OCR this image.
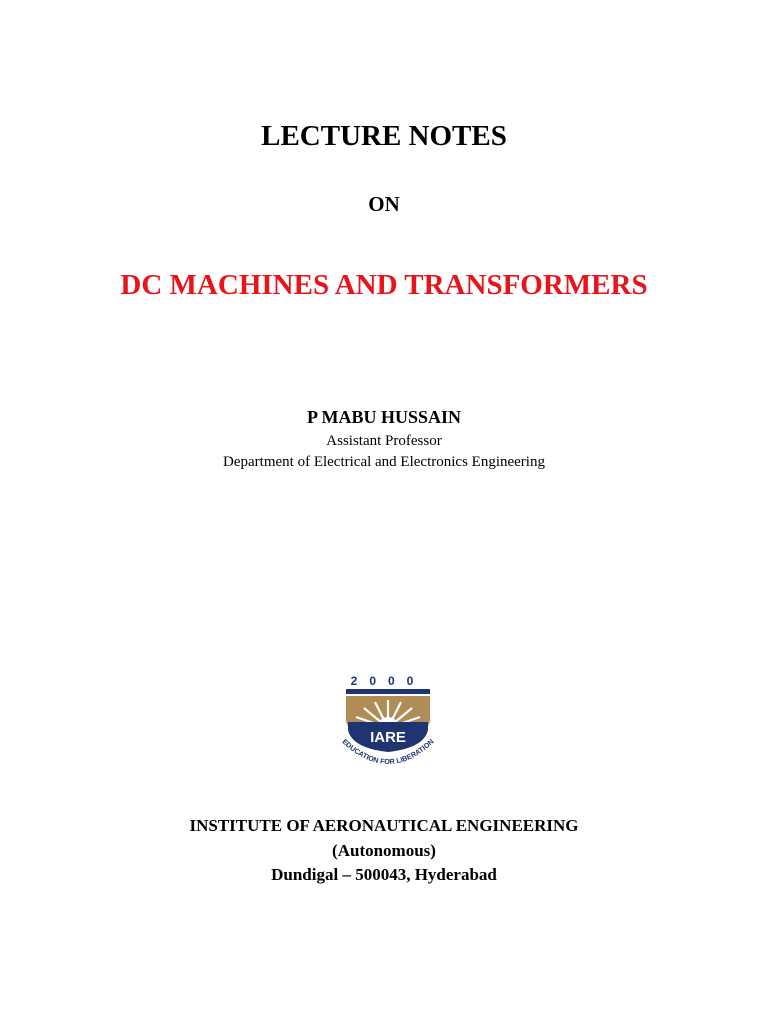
LECTURE NOTES
ON
DC MACHINES AND TRANSFORMERS
P MABU HUSSAIN
Assistant Professor
Department of Electrical and Electronics Engineering
2000
IARE
EDUCATION FOR LIBERATION
INSTITUTE OF AERONAUTICAL ENGINEERING
(Autonomous)
Dundigal – 500043, Hyderabad
